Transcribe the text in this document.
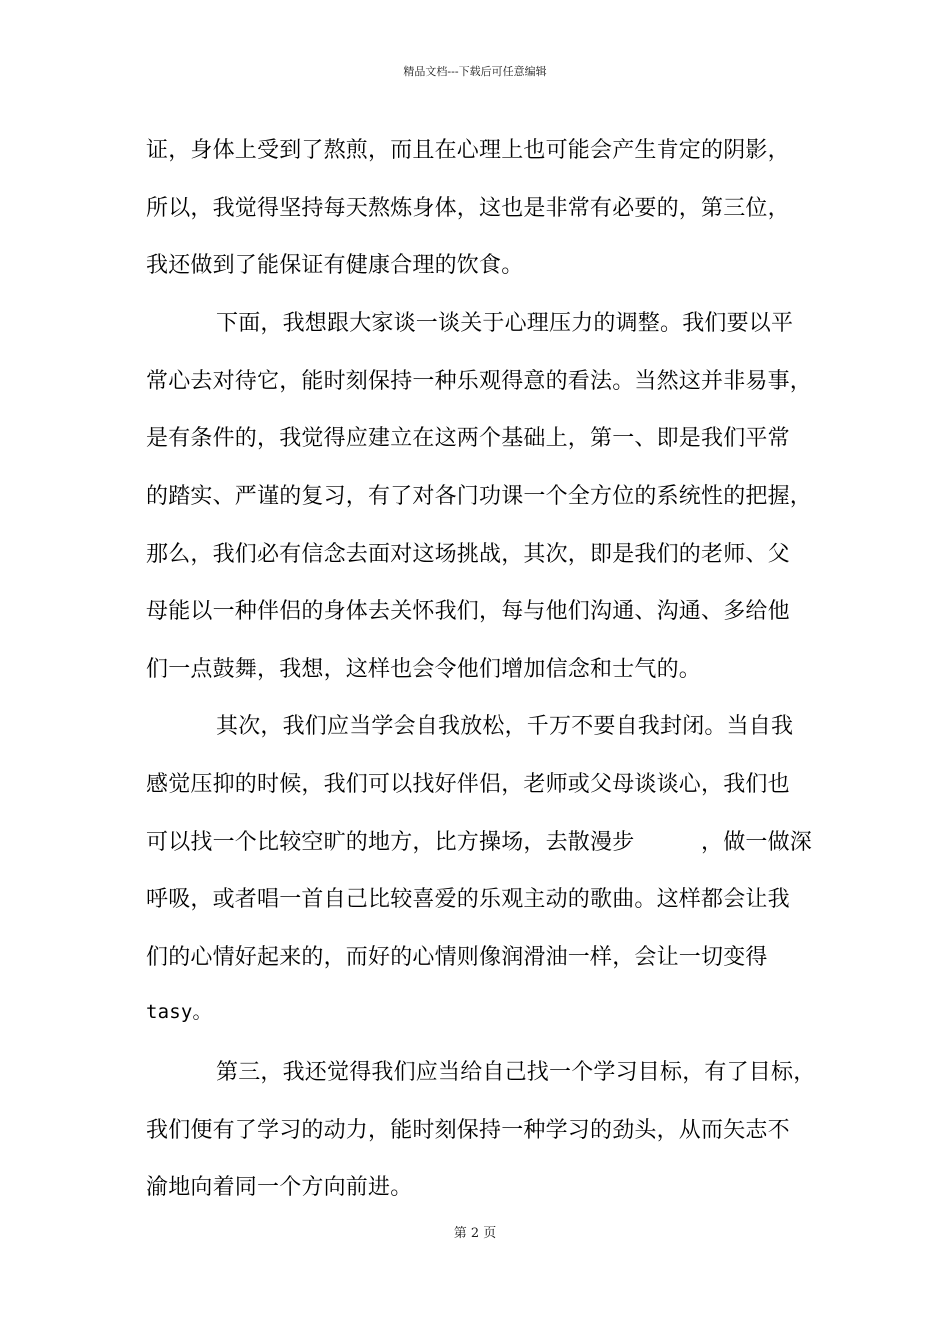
精品文档---下载后可任意编辑
证，身体上受到了熬煎，而且在心理上也可能会产生肯定的阴影，
所以，我觉得坚持每天熬炼身体，这也是非常有必要的，第三位，
我还做到了能保证有健康合理的饮食。
下面，我想跟大家谈一谈关于心理压力的调整。我们要以平
常心去对待它，能时刻保持一种乐观得意的看法。当然这并非易事，
是有条件的，我觉得应建立在这两个基础上，第一、即是我们平常
的踏实、严谨的复习，有了对各门功课一个全方位的系统性的把握，
那么，我们必有信念去面对这场挑战，其次，即是我们的老师、父
母能以一种伴侣的身体去关怀我们，每与他们沟通、沟通、多给他
们一点鼓舞，我想，这样也会令他们增加信念和士气的。
其次，我们应当学会自我放松，千万不要自我封闭。当自我
感觉压抑的时候，我们可以找好伴侣，老师或父母谈谈心，我们也
可以找一个比较空旷的地方，比方操场，去散漫步　　　，做一做深
呼吸，或者唱一首自己比较喜爱的乐观主动的歌曲。这样都会让我
们的心情好起来的，而好的心情则像润滑油一样，会让一切变得
tasy。
第三，我还觉得我们应当给自己找一个学习目标，有了目标，
我们便有了学习的动力，能时刻保持一种学习的劲头，从而矢志不
渝地向着同一个方向前进。
第 2 页
